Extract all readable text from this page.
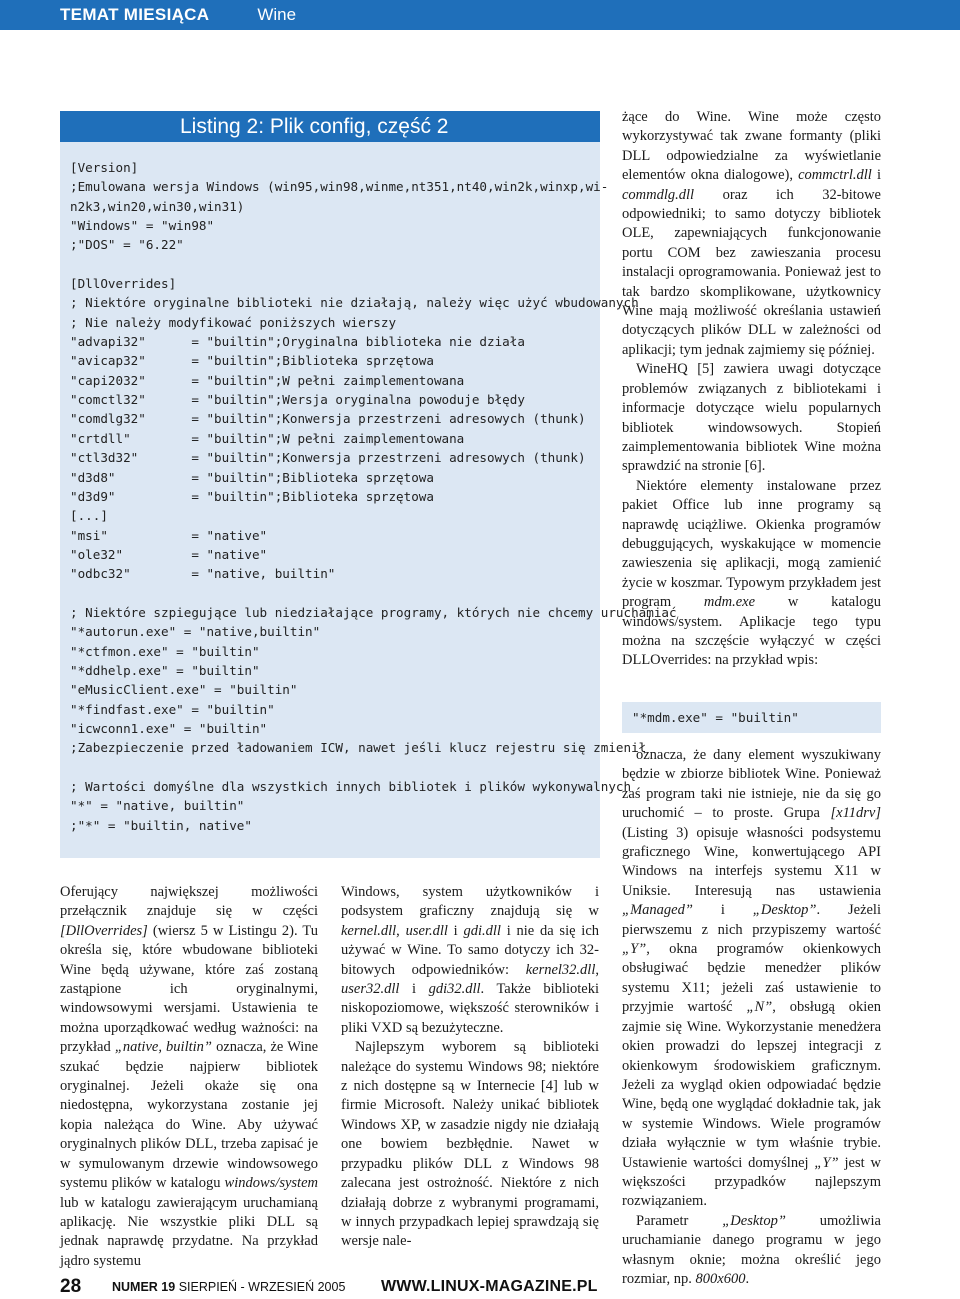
TEMAT MIESIĄCA	Wine
Listing 2: Plik config, część 2
[Version]
;Emulowana wersja Windows (win95,win98,winme,nt351,nt40,win2k,winxp,wi-
n2k3,win20,win30,win31)
"Windows" = "win98"
;"DOS" = "6.22"

[DllOverrides]
; Niektóre oryginalne biblioteki nie działają, należy więc użyć wbudowanych
; Nie należy modyfikować poniższych wierszy
"advapi32"      = "builtin";Oryginalna biblioteka nie działa
"avicap32"      = "builtin";Biblioteka sprzętowa
"capi2032"      = "builtin";W pełni zaimplementowana
"comctl32"      = "builtin";Wersja oryginalna powoduje błędy
"comdlg32"      = "builtin";Konwersja przestrzeni adresowych (thunk)
"crtdll"        = "builtin";W pełni zaimplementowana
"ctl3d32"       = "builtin";Konwersja przestrzeni adresowych (thunk)
"d3d8"          = "builtin";Biblioteka sprzętowa
"d3d9"          = "builtin";Biblioteka sprzętowa
[...]
"msi"           = "native"
"ole32"         = "native"
"odbc32"        = "native, builtin"

; Niektóre szpiegujące lub niedziałające programy, których nie chcemy uruchamiać
"*autorun.exe" = "native,builtin"
"*ctfmon.exe" = "builtin"
"*ddhelp.exe" = "builtin"
"eMusicClient.exe" = "builtin"
"*findfast.exe" = "builtin"
"icwconn1.exe" = "builtin"
;Zabezpieczenie przed ładowaniem ICW, nawet jeśli klucz rejestru się zmienił

; Wartości domyślne dla wszystkich innych bibliotek i plików wykonywalnych
"*" = "native, builtin"
;"*" = "builtin, native"

Oferujący największej możliwości przełącznik znajduje się w części [DllOverrides] (wiersz 5 w Listingu 2). Tu określa się, które wbudowane biblioteki Wine będą używane, które zaś zostaną zastąpione ich oryginalnymi, windowsowymi wersjami. Ustawienia te można uporządkować według ważności: na przykład „native, builtin” oznacza, że Wine szukać będzie najpierw bibliotek oryginalnej. Jeżeli okaże się ona niedostępna, wykorzystana zostanie jej kopia należąca do Wine. Aby używać oryginalnych plików DLL, trzeba zapisać je w symulowanym drzewie windowsowego systemu plików w katalogu windows/system lub w katalogu zawierającym uruchamianą aplikację. Nie wszystkie pliki DLL są jednak naprawdę przydatne. Na przykład jądro systemu

Windows, system użytkowników i podsystem graficzny znajdują się w kernel.dll, user.dll i gdi.dll i nie da się ich używać w Wine. To samo dotyczy ich 32-bitowych odpowiedników: kernel32.dll, user32.dll i gdi32.dll. Także biblioteki niskopoziomowe, większość sterowników i pliki VXD są bezużyteczne.

Najlepszym wyborem są biblioteki należące do systemu Windows 98; niektóre z nich dostępne są w Internecie [4] lub w firmie Microsoft. Należy unikać bibliotek Windows XP, w zasadzie nigdy nie działają one bowiem bezbłędnie. Nawet w przypadku plików DLL z Windows 98 zalecana jest ostrożność. Niektóre z nich działają dobrze z wybranymi programami, w innych przypadkach lepiej sprawdzają się wersje nale-

żące do Wine. Wine może często wykorzystywać tak zwane formanty (pliki DLL odpowiedzialne za wyświetlanie elementów okna dialogowe), commctrl.dll i commdlg.dll oraz ich 32-bitowe odpowiedniki; to samo dotyczy bibliotek OLE, zapewniających funkcjonowanie portu COM bez zawieszania procesu instalacji oprogramowania. Ponieważ jest to tak bardzo skomplikowane, użytkownicy Wine mają możliwość określania ustawień dotyczących plików DLL w zależności od aplikacji; tym jednak zajmiemy się później.

WineHQ [5] zawiera uwagi dotyczące problemów związanych z bibliotekami i informacje dotyczące wielu popularnych bibliotek windowsowych. Stopień zaimplementowania bibliotek Wine można sprawdzić na stronie [6].

Niektóre elementy instalowane przez pakiet Office lub inne programy są naprawdę uciążliwe. Okienka programów debuggujących, wyskakujące w momencie zawieszenia się aplikacji, mogą zamienić życie w koszmar. Typowym przykładem jest program mdm.exe w katalogu windows/system. Aplikacje tego typu można na szczęście wyłączyć w części DLLOverrides: na przykład wpis:

"*mdm.exe" = "builtin"

oznacza, że dany element wyszukiwany będzie w zbiorze bibliotek Wine. Ponieważ zaś program taki nie istnieje, nie da się go uruchomić – to proste. Grupa [x11drv] (Listing 3) opisuje własności podsystemu graficznego Wine, konwertującego API Windows na interfejs systemu X11 w Uniksie. Interesują nas ustawienia „Managed” i „Desktop”. Jeżeli pierwszemu z nich przypiszemy wartość „Y”, okna programów okienkowych obsługiwać będzie menedżer plików systemu X11; jeżeli zaś ustawienie to przyjmie wartość „N”, obsługą okien zajmie się Wine. Wykorzystanie menedżera okien prowadzi do lepszej integracji z okienkowym środowiskiem graficznym. Jeżeli za wygląd okien odpowiadać będzie Wine, będą one wyglądać dokładnie tak, jak w systemie Windows. Wiele programów działa wyłącznie w tym właśnie trybie. Ustawienie wartości domyślnej „Y” jest w większości przypadków najlepszym rozwiązaniem.

Parametr „Desktop” umożliwia uruchamianie danego programu w jego własnym oknie; można określić jego rozmiar, np. 800x600.

28 NUMER 19 SIERPIEŃ - WRZESIEŃ 2005 WWW.LINUX-MAGAZINE.PL
